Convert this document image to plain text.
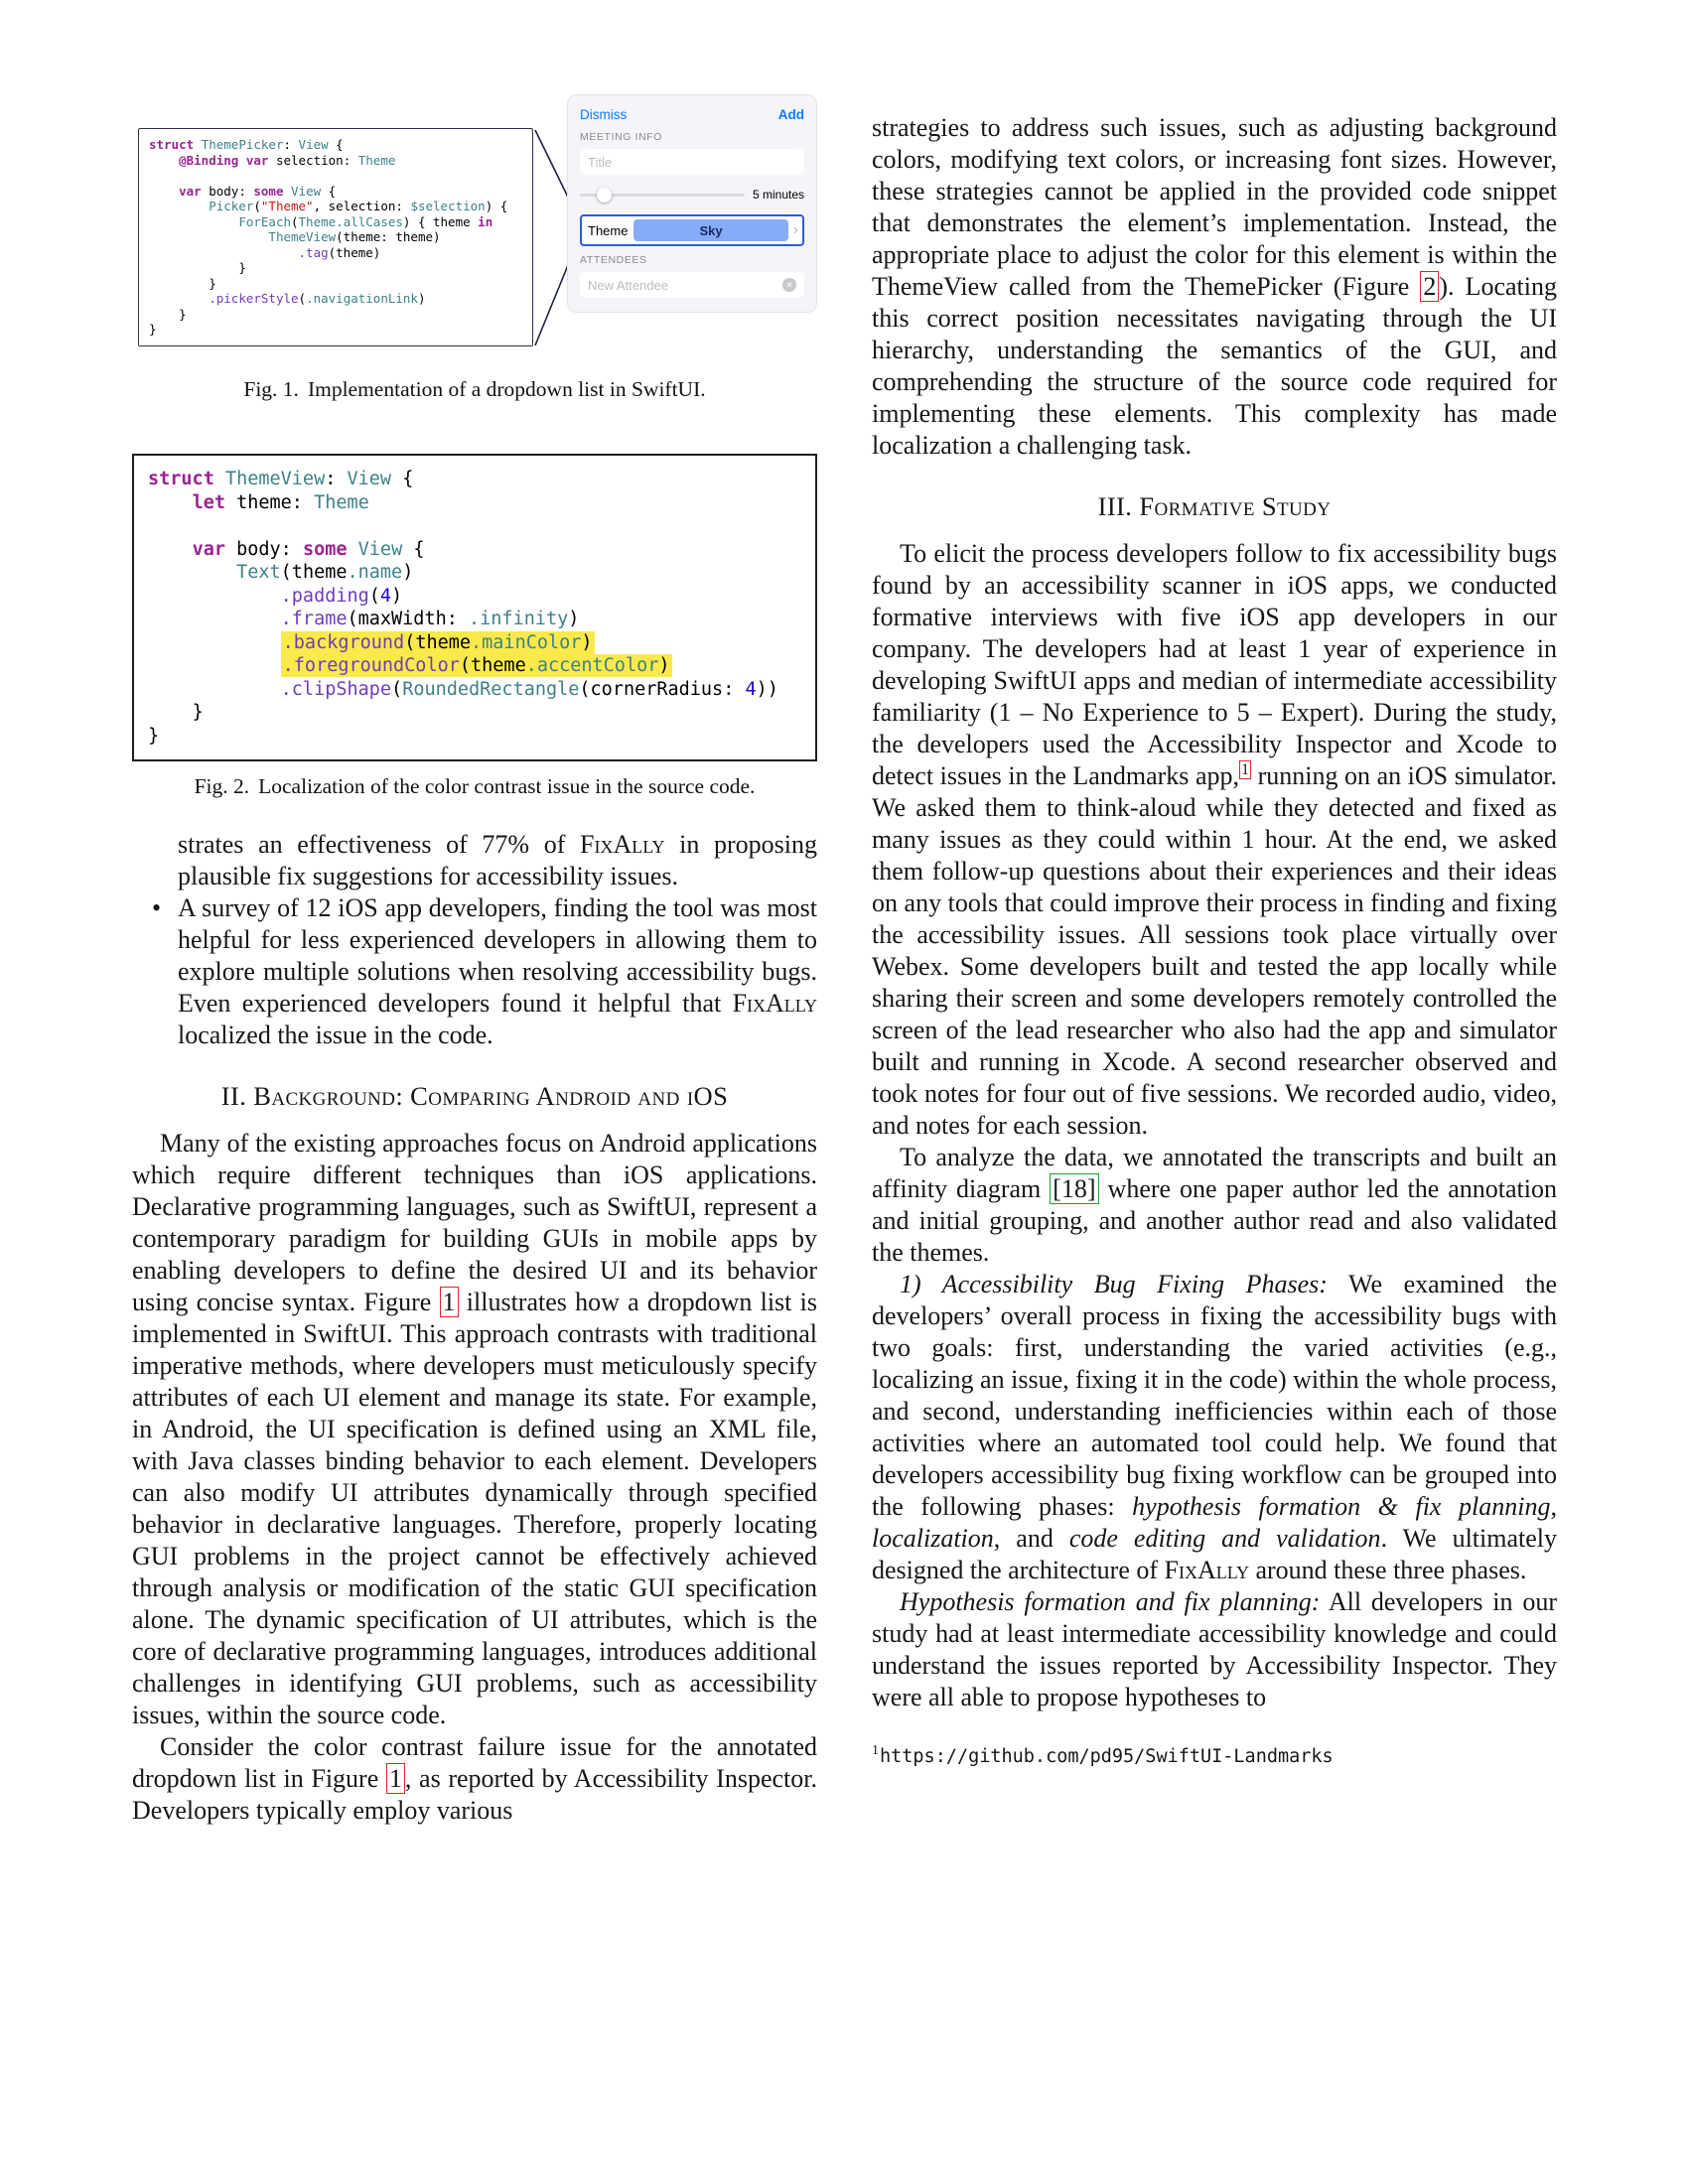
struct ThemePicker: View {
@Binding var selection: Theme

var body: some View {
Picker("Theme", selection: $selection) {
ForEach(Theme.allCases) { theme in
ThemeView(theme: theme)
.tag(theme)
}
}
.pickerStyle(.navigationLink)
}
}
Dismiss	Add
MEETING INFO
Title
5 minutes
Theme	Sky	›
ATTENDEES
New Attendee	✕
Fig. 1. Implementation of a dropdown list in SwiftUI.
struct ThemeView: View {
let theme: Theme

var body: some View {
Text(theme.name)
.padding(4)
.frame(maxWidth: .infinity)
.background(theme.mainColor)
.foregroundColor(theme.accentColor)
.clipShape(RoundedRectangle(cornerRadius: 4))
}
}
Fig. 2. Localization of the color contrast issue in the source code.

strates an effectiveness of 77% of FixAlly in proposing plausible fix suggestions for accessibility issues.

• A survey of 12 iOS app developers, finding the tool was most helpful for less experienced developers in allowing them to explore multiple solutions when resolving accessibility bugs. Even experienced developers found it helpful that FixAlly localized the issue in the code.

II. Background: Comparing Android and iOS

Many of the existing approaches focus on Android applications which require different techniques than iOS applications. Declarative programming languages, such as SwiftUI, represent a contemporary paradigm for building GUIs in mobile apps by enabling developers to define the desired UI and its behavior using concise syntax. Figure 1 illustrates how a dropdown list is implemented in SwiftUI. This approach contrasts with traditional imperative methods, where developers must meticulously specify attributes of each UI element and manage its state. For example, in Android, the UI specification is defined using an XML file, with Java classes binding behavior to each element. Developers can also modify UI attributes dynamically through specified behavior in declarative languages. Therefore, properly locating GUI problems in the project cannot be effectively achieved through analysis or modification of the static GUI specification alone. The dynamic specification of UI attributes, which is the core of declarative programming languages, introduces additional challenges in identifying GUI problems, such as accessibility issues, within the source code.

Consider the color contrast failure issue for the annotated dropdown list in Figure 1 , as reported by Accessibility Inspector. Developers typically employ various

strategies to address such issues, such as adjusting background colors, modifying text colors, or increasing font sizes. However, these strategies cannot be applied in the provided code snippet that demonstrates the element’s implementation. Instead, the appropriate place to adjust the color for this element is within the ThemeView called from the ThemePicker (Figure 2 ). Locating this correct position necessitates navigating through the UI hierarchy, understanding the semantics of the GUI, and comprehending the structure of the source code required for implementing these elements. This complexity has made localization a challenging task.

III. Formative Study

To elicit the process developers follow to fix accessibility bugs found by an accessibility scanner in iOS apps, we conducted formative interviews with five iOS app developers in our company. The developers had at least 1 year of experience in developing SwiftUI apps and median of intermediate accessibility familiarity (1 – No Experience to 5 – Expert). During the study, the developers used the Accessibility Inspector and Xcode to detect issues in the Landmarks app, $^1$ running on an iOS simulator. We asked them to think-aloud while they detected and fixed as many issues as they could within 1 hour. At the end, we asked them follow-up questions about their experiences and their ideas on any tools that could improve their process in finding and fixing the accessibility issues. All sessions took place virtually over Webex. Some developers built and tested the app locally while sharing their screen and some developers remotely controlled the screen of the lead researcher who also had the app and simulator built and running in Xcode. A second researcher observed and took notes for four out of five sessions. We recorded audio, video, and notes for each session.

To analyze the data, we annotated the transcripts and built an affinity diagram [18] where one paper author led the annotation and initial grouping, and another author read and also validated the themes.

1) Accessibility Bug Fixing Phases: We examined the developers’ overall process in fixing the accessibility bugs with two goals: first, understanding the varied activities (e.g., localizing an issue, fixing it in the code) within the whole process, and second, understanding inefficiencies within each of those activities where an automated tool could help. We found that developers accessibility bug fixing workflow can be grouped into the following phases: hypothesis formation & fix planning, localization, and code editing and validation. We ultimately designed the architecture of FixAlly around these three phases.

Hypothesis formation and fix planning: All developers in our study had at least intermediate accessibility knowledge and could understand the issues reported by Accessibility Inspector. They were all able to propose hypotheses to

$^1$https://github.com/pd95/SwiftUI-Landmarks
